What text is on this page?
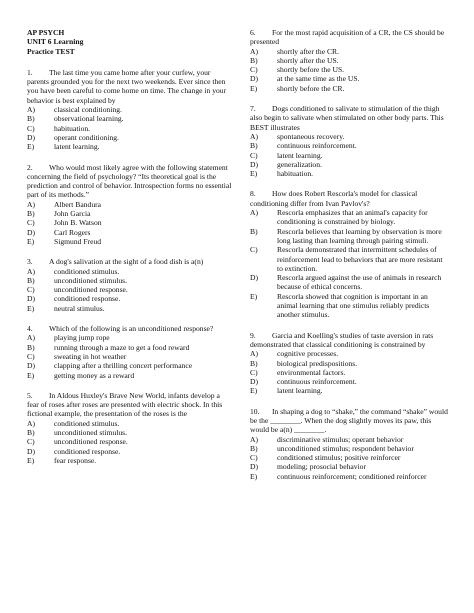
AP PSYCH

UNIT 6 Learning

Practice TEST

1. The last time you came home after your curfew, your parents grounded you for the next two weekends. Ever since then you have been careful to come home on time. The change in your behavior is best explained by

A)	classical conditioning.
B)	observational learning.
C)	habituation.
D)	operant conditioning.
E)	latent learning.

2. Who would most likely agree with the following statement concerning the field of psychology? “Its theoretical goal is the prediction and control of behavior. Introspection forms no essential part of its methods.”

A)	Albert Bandura
B)	John Garcia
C)	John B. Watson
D)	Carl Rogers
E)	Sigmund Freud

3. A dog's salivation at the sight of a food dish is a(n)

A)	conditioned stimulus.
B)	unconditioned stimulus.
C)	unconditioned response.
D)	conditioned response.
E)	neutral stimulus.

4. Which of the following is an unconditioned response?

A)	playing jump rope
B)	running through a maze to get a food reward
C)	sweating in hot weather
D)	clapping after a thrilling concert performance
E)	getting money as a reward

5. In Aldous Huxley's Brave New World, infants develop a fear of roses after roses are presented with electric shock. In this fictional example, the presentation of the roses is the

A)	conditioned stimulus.
B)	unconditioned stimulus.
C)	unconditioned response.
D)	conditioned response.
E)	fear response.

6. For the most rapid acquisition of a CR, the CS should be presented

A)	shortly after the CR.
B)	shortly after the US.
C)	shortly before the US.
D)	at the same time as the US.
E)	shortly before the CR.

7. Dogs conditioned to salivate to stimulation of the thigh also begin to salivate when stimulated on other body parts. This BEST illustrates

A)	spontaneous recovery.
B)	continuous reinforcement.
C)	latent learning.
D)	generalization.
E)	habituation.

8. How does Robert Rescorla's model for classical conditioning differ from Ivan Pavlov's?

A)	Rescorla emphasizes that an animal's capacity for conditioning is constrained by biology.
B)	Rescorla believes that learning by observation is more long lasting than learning through pairing stimuli.
C)	Rescorla demonstrated that intermittent schedules of reinforcement lead to behaviors that are more resistant to extinction.
D)	Rescorla argued against the use of animals in research because of ethical concerns.
E)	Rescorla showed that cognition is important in an animal learning that one stimulus reliably predicts another stimulus.

9. Garcia and Koelling's studies of taste aversion in rats demonstrated that classical conditioning is constrained by

A)	cognitive processes.
B)	biological predispositions.
C)	environmental factors.
D)	continuous reinforcement.
E)	latent learning.

10. In shaping a dog to “shake,” the command “shake” would be the ________. When the dog slightly moves its paw, this would be a(n) ________.

A)	discriminative stimulus; operant behavior
B)	unconditioned stimulus; respondent behavior
C)	conditioned stimulus; positive reinforcer
D)	modeling; prosocial behavior
E)	continuous reinforcement; conditioned reinforcer
